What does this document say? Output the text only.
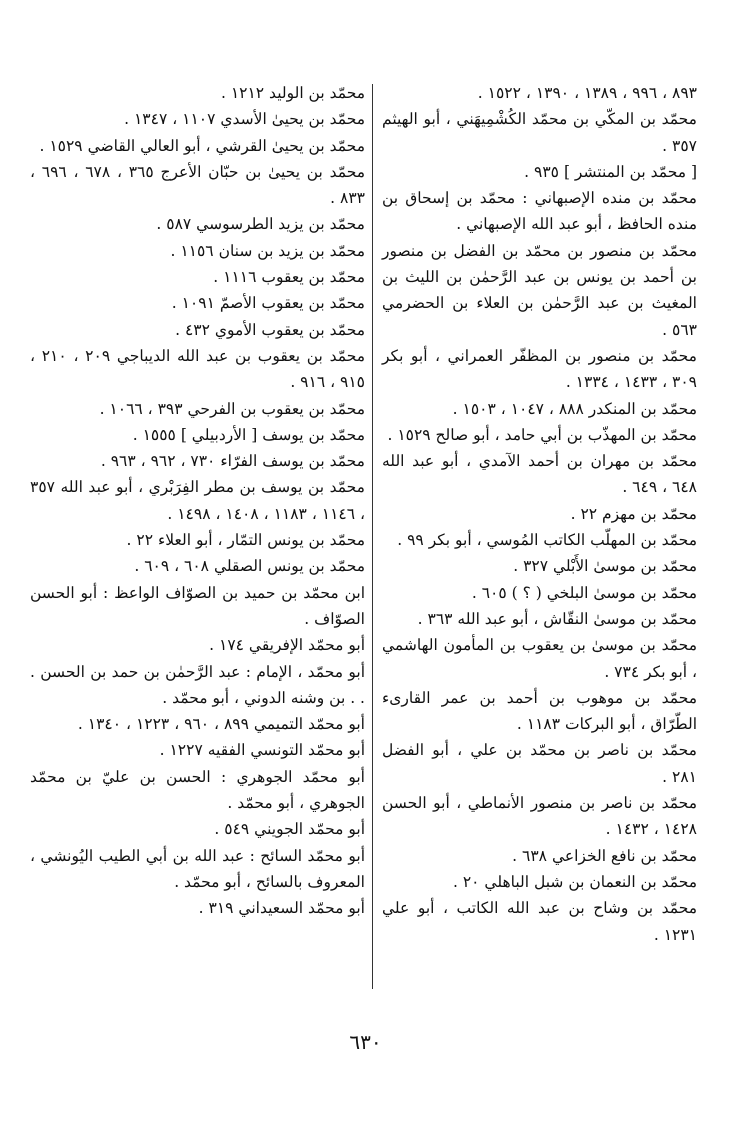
٨٩٣ ، ٩٩٦ ، ١٣٨٩ ، ١٣٩٠ ، ١٥٢٢ .

محمّد بن المكّي بن محمّد الكُشْمِيهَني ، أبو الهيثم ٣٥٧ .

[ محمّد بن المنتشر ] ٩٣٥ .

محمّد بن منده الإصبهاني : محمّد بن إسحاق بن منده الحافظ ، أبو عبد الله الإصبهاني .

محمّد بن منصور بن محمّد بن الفضل بن منصور بن أحمد بن يونس بن عبد الرَّحمٰن بن الليث بن المغيث بن عبد الرَّحمٰن بن العلاء بن الحضرمي ٥٦٣ .

محمّد بن منصور بن المظفّر العمراني ، أبو بكر ٣٠٩ ، ١٤٣٣ ، ١٣٣٤ .

محمّد بن المنكدر ٨٨٨ ، ١٠٤٧ ، ١٥٠٣ .

محمّد بن المهذّب بن أبي حامد ، أبو صالح ١٥٢٩ .

محمّد بن مهران بن أحمد الآمدي ، أبو عبد الله ٦٤٨ ، ٦٤٩ .

محمّد بن مهزم ٢٢ .

محمّد بن المهلّب الكاتب المُوسي ، أبو بكر ٩٩ .

محمّد بن موسىٰ الأَبْلي ٣٢٧ .

محمّد بن موسىٰ البلخي ( ؟ ) ٦٠٥ .

محمّد بن موسىٰ النقّاش ، أبو عبد الله ٣٦٣ .

محمّد بن موسىٰ بن يعقوب بن المأمون الهاشمي ، أبو بكر ٧٣٤ .

محمّد بن موهوب بن أحمد بن عمر القارىء الطّرّاق ، أبو البركات ١١٨٣ .

محمّد بن ناصر بن محمّد بن علي ، أبو الفضل ٢٨١ .

محمّد بن ناصر بن منصور الأنماطي ، أبو الحسن ١٤٢٨ ، ١٤٣٢ .

محمّد بن نافع الخزاعي ٦٣٨ .

محمّد بن النعمان بن شبل الباهلي ٢٠ .

محمّد بن وشاح بن عبد الله الكاتب ، أبو علي ١٢٣١ .

محمّد بن الوليد ١٢١٢ .

محمّد بن يحيىٰ الأسدي ١١٠٧ ، ١٣٤٧ .

محمّد بن يحيىٰ القرشي ، أبو العالي القاضي ١٥٢٩ .

محمّد بن يحيىٰ بن حبّان الأعرج ٣٦٥ ، ٦٧٨ ، ٦٩٦ ، ٨٣٣ .

محمّد بن يزيد الطرسوسي ٥٨٧ .

محمّد بن يزيد بن سنان ١١٥٦ .

محمّد بن يعقوب ١١١٦ .

محمّد بن يعقوب الأصمّ ١٠٩١ .

محمّد بن يعقوب الأموي ٤٣٢ .

محمّد بن يعقوب بن عبد الله الديباجي ٢٠٩ ، ٢١٠ ، ٩١٥ ، ٩١٦ .

محمّد بن يعقوب بن الفرحي ٣٩٣ ، ١٠٦٦ .

محمّد بن يوسف [ الأردبيلي ] ١٥٥٥ .

محمّد بن يوسف الفرّاء ٧٣٠ ، ٩٦٢ ، ٩٦٣ .

محمّد بن يوسف بن مطر الفِرَبْري ، أبو عبد الله ٣٥٧ ، ١١٤٦ ، ١١٨٣ ، ١٤٠٨ ، ١٤٩٨ .

محمّد بن يونس التمّار ، أبو العلاء ٢٢ .

محمّد بن يونس الصقلي ٦٠٨ ، ٦٠٩ .

ابن محمّد بن حميد بن الصوّاف الواعظ : أبو الحسن الصوّاف .

أبو محمّد الإفريقي ١٧٤ .

أبو محمّد ، الإمام : عبد الرَّحمٰن بن حمد بن الحسن . . . بن وشنه الدوني ، أبو محمّد .

أبو محمّد التميمي ٨٩٩ ، ٩٦٠ ، ١٢٢٣ ، ١٣٤٠ .

أبو محمّد التونسي الفقيه ١٢٢٧ .

أبو محمّد الجوهري : الحسن بن عليّ بن محمّد الجوهري ، أبو محمّد .

أبو محمّد الجويني ٥٤٩ .

أبو محمّد السائح : عبد الله بن أبي الطيب اليُونشي ، المعروف بالسائح ، أبو محمّد .

أبو محمّد السعيداني ٣١٩ .

٦٣٠
